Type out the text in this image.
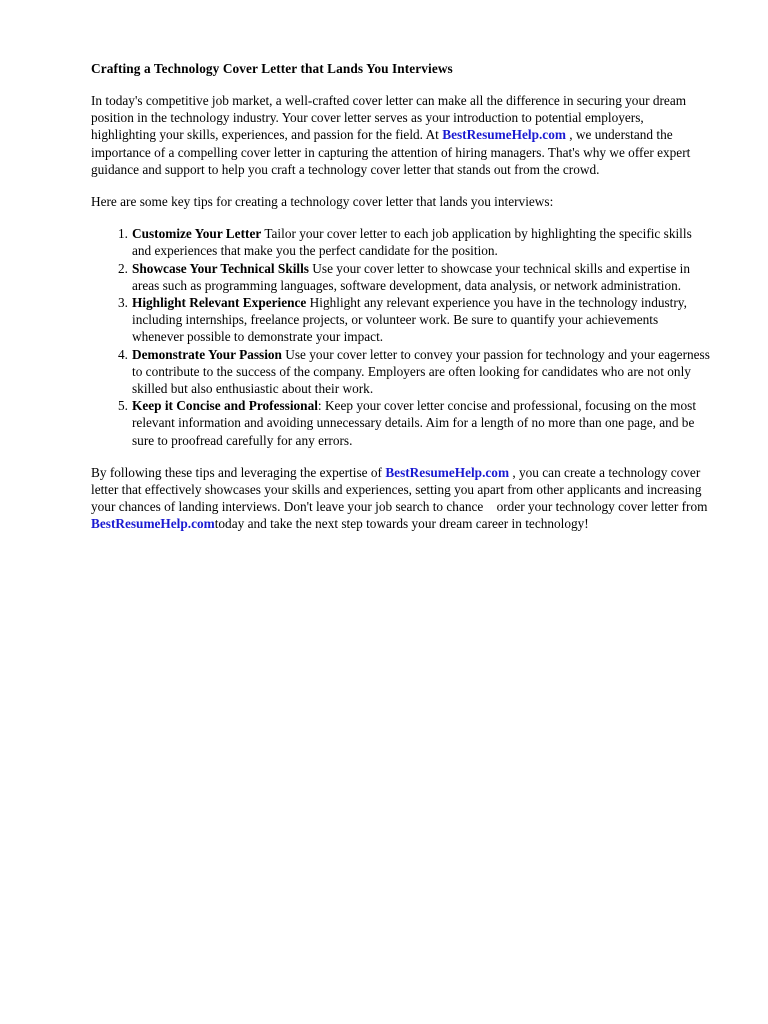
Crafting a Technology Cover Letter that Lands You Interviews

In today's competitive job market, a well-crafted cover letter can make all the difference in securing your dream position in the technology industry. Your cover letter serves as your introduction to potential employers, highlighting your skills, experiences, and passion for the field. At BestResumeHelp.com , we understand the importance of a compelling cover letter in capturing the attention of hiring managers. That's why we offer expert guidance and support to help you craft a technology cover letter that stands out from the crowd.

Here are some key tips for creating a technology cover letter that lands you interviews:

Customize Your Letter Tailor your cover letter to each job application by highlighting the specific skills and experiences that make you the perfect candidate for the position.
Showcase Your Technical Skills Use your cover letter to showcase your technical skills and expertise in areas such as programming languages, software development, data analysis, or network administration.
Highlight Relevant Experience Highlight any relevant experience you have in the technology industry, including internships, freelance projects, or volunteer work. Be sure to quantify your achievements whenever possible to demonstrate your impact.
Demonstrate Your Passion Use your cover letter to convey your passion for technology and your eagerness to contribute to the success of the company. Employers are often looking for candidates who are not only skilled but also enthusiastic about their work.
Keep it Concise and Professional: Keep your cover letter concise and professional, focusing on the most relevant information and avoiding unnecessary details. Aim for a length of no more than one page, and be sure to proofread carefully for any errors.

By following these tips and leveraging the expertise of BestResumeHelp.com , you can create a technology cover letter that effectively showcases your skills and experiences, setting you apart from other applicants and increasing your chances of landing interviews. Don't leave your job search to chance order your technology cover letter from BestResumeHelp.comtoday and take the next step towards your dream career in technology!
